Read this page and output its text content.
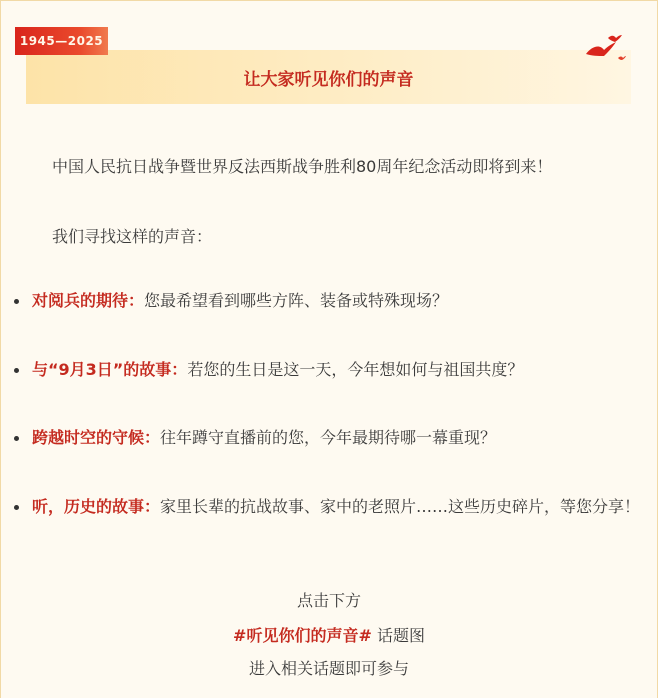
让大家听见你们的声音
1945—2025
中国人民抗日战争暨世界反法西斯战争胜利80周年纪念活动即将到来！
我们寻找这样的声音：
对阅兵的期待：您最希望看到哪些方阵、装备或特殊现场？
与“9月3日”的故事：若您的生日是这一天，今年想如何与祖国共度？
跨越时空的守候：往年蹲守直播前的您，今年最期待哪一幕重现？
听，历史的故事：家里长辈的抗战故事、家中的老照片……这些历史碎片，等您分享！
点击下方
#听见你们的声音# 话题图
进入相关话题即可参与
